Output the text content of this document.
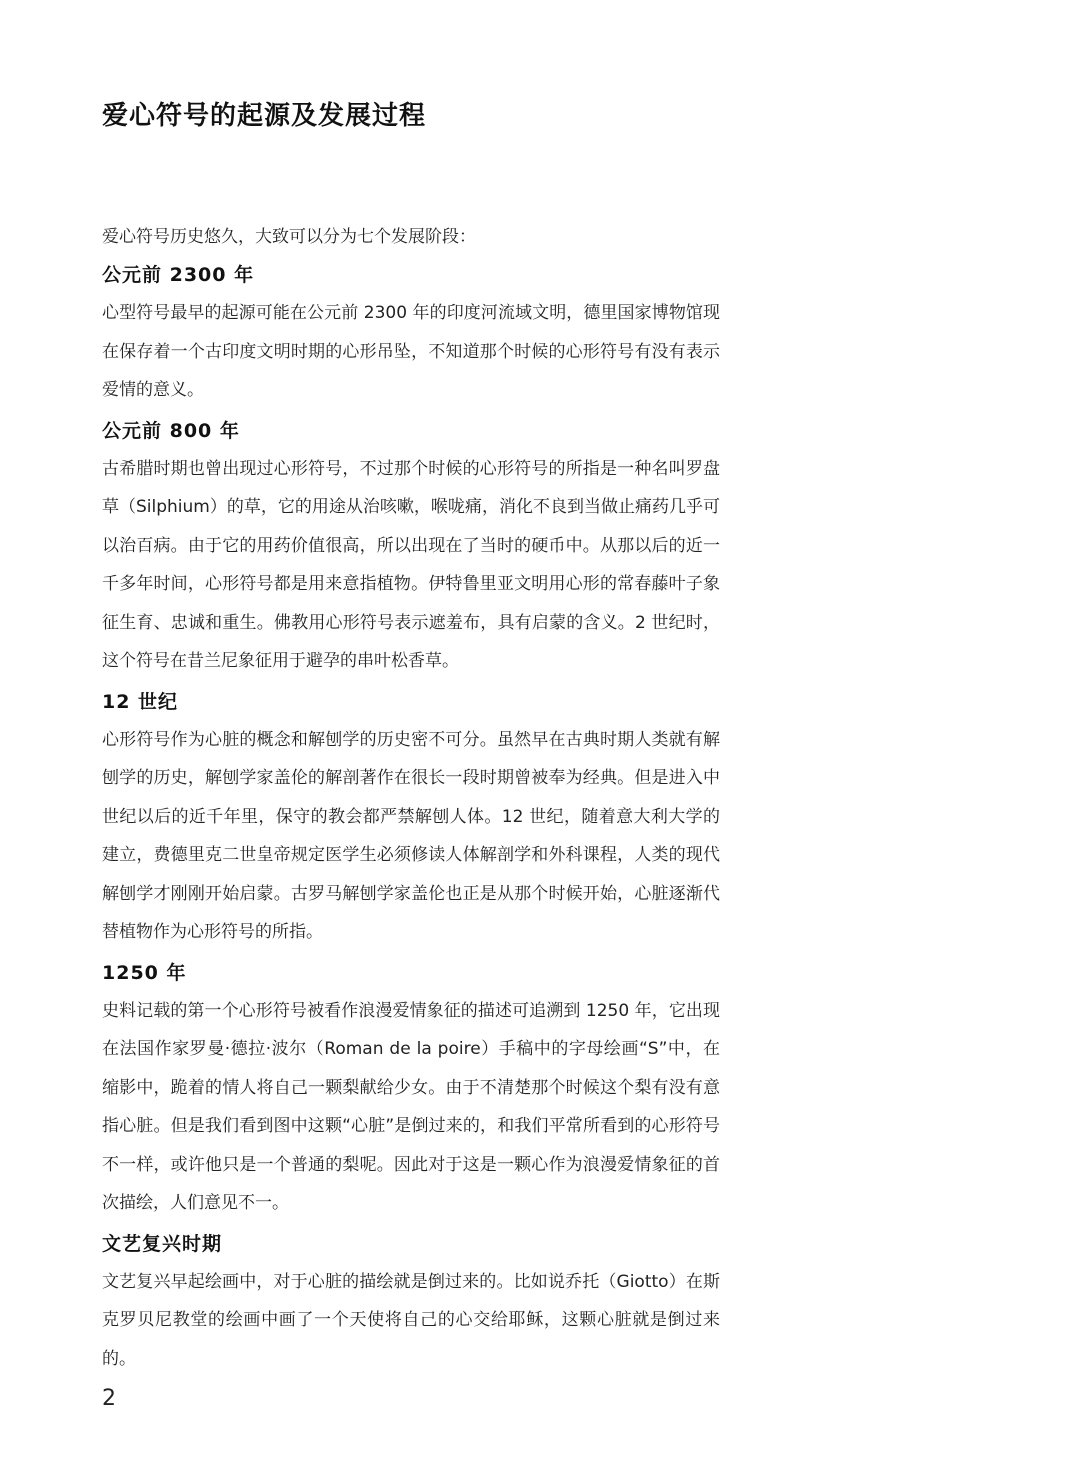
爱心符号的起源及发展过程

爱心符号历史悠久，大致可以分为七个发展阶段：

公元前 2300 年

心型符号最早的起源可能在公元前 2300 年的印度河流域文明，德里国家博物馆现在保存着一个古印度文明时期的心形吊坠，不知道那个时候的心形符号有没有表示爱情的意义。

公元前 800 年

古希腊时期也曾出现过心形符号，不过那个时候的心形符号的所指是一种名叫罗盘草（Silphium）的草，它的用途从治咳嗽，喉咙痛，消化不良到当做止痛药几乎可以治百病。由于它的用药价值很高，所以出现在了当时的硬币中。从那以后的近一千多年时间，心形符号都是用来意指植物。伊特鲁里亚文明用心形的常春藤叶子象征生育、忠诚和重生。佛教用心形符号表示遮羞布，具有启蒙的含义。2 世纪时，这个符号在昔兰尼象征用于避孕的串叶松香草。

12 世纪

心形符号作为心脏的概念和解刨学的历史密不可分。虽然早在古典时期人类就有解刨学的历史，解刨学家盖伦的解剖著作在很长一段时期曾被奉为经典。但是进入中世纪以后的近千年里，保守的教会都严禁解刨人体。12 世纪，随着意大利大学的建立，费德里克二世皇帝规定医学生必须修读人体解剖学和外科课程，人类的现代解刨学才刚刚开始启蒙。古罗马解刨学家盖伦也正是从那个时候开始，心脏逐渐代替植物作为心形符号的所指。

1250 年

史料记载的第一个心形符号被看作浪漫爱情象征的描述可追溯到 1250 年，它出现在法国作家罗曼·德拉·波尔（Roman de la poire）手稿中的字母绘画“S”中，在缩影中，跪着的情人将自己一颗梨献给少女。由于不清楚那个时候这个梨有没有意指心脏。但是我们看到图中这颗“心脏”是倒过来的，和我们平常所看到的心形符号不一样，或许他只是一个普通的梨呢。因此对于这是一颗心作为浪漫爱情象征的首次描绘，人们意见不一。

文艺复兴时期

文艺复兴早起绘画中，对于心脏的描绘就是倒过来的。比如说乔托（Giotto）在斯克罗贝尼教堂的绘画中画了一个天使将自己的心交给耶稣，这颗心脏就是倒过来的。

2
